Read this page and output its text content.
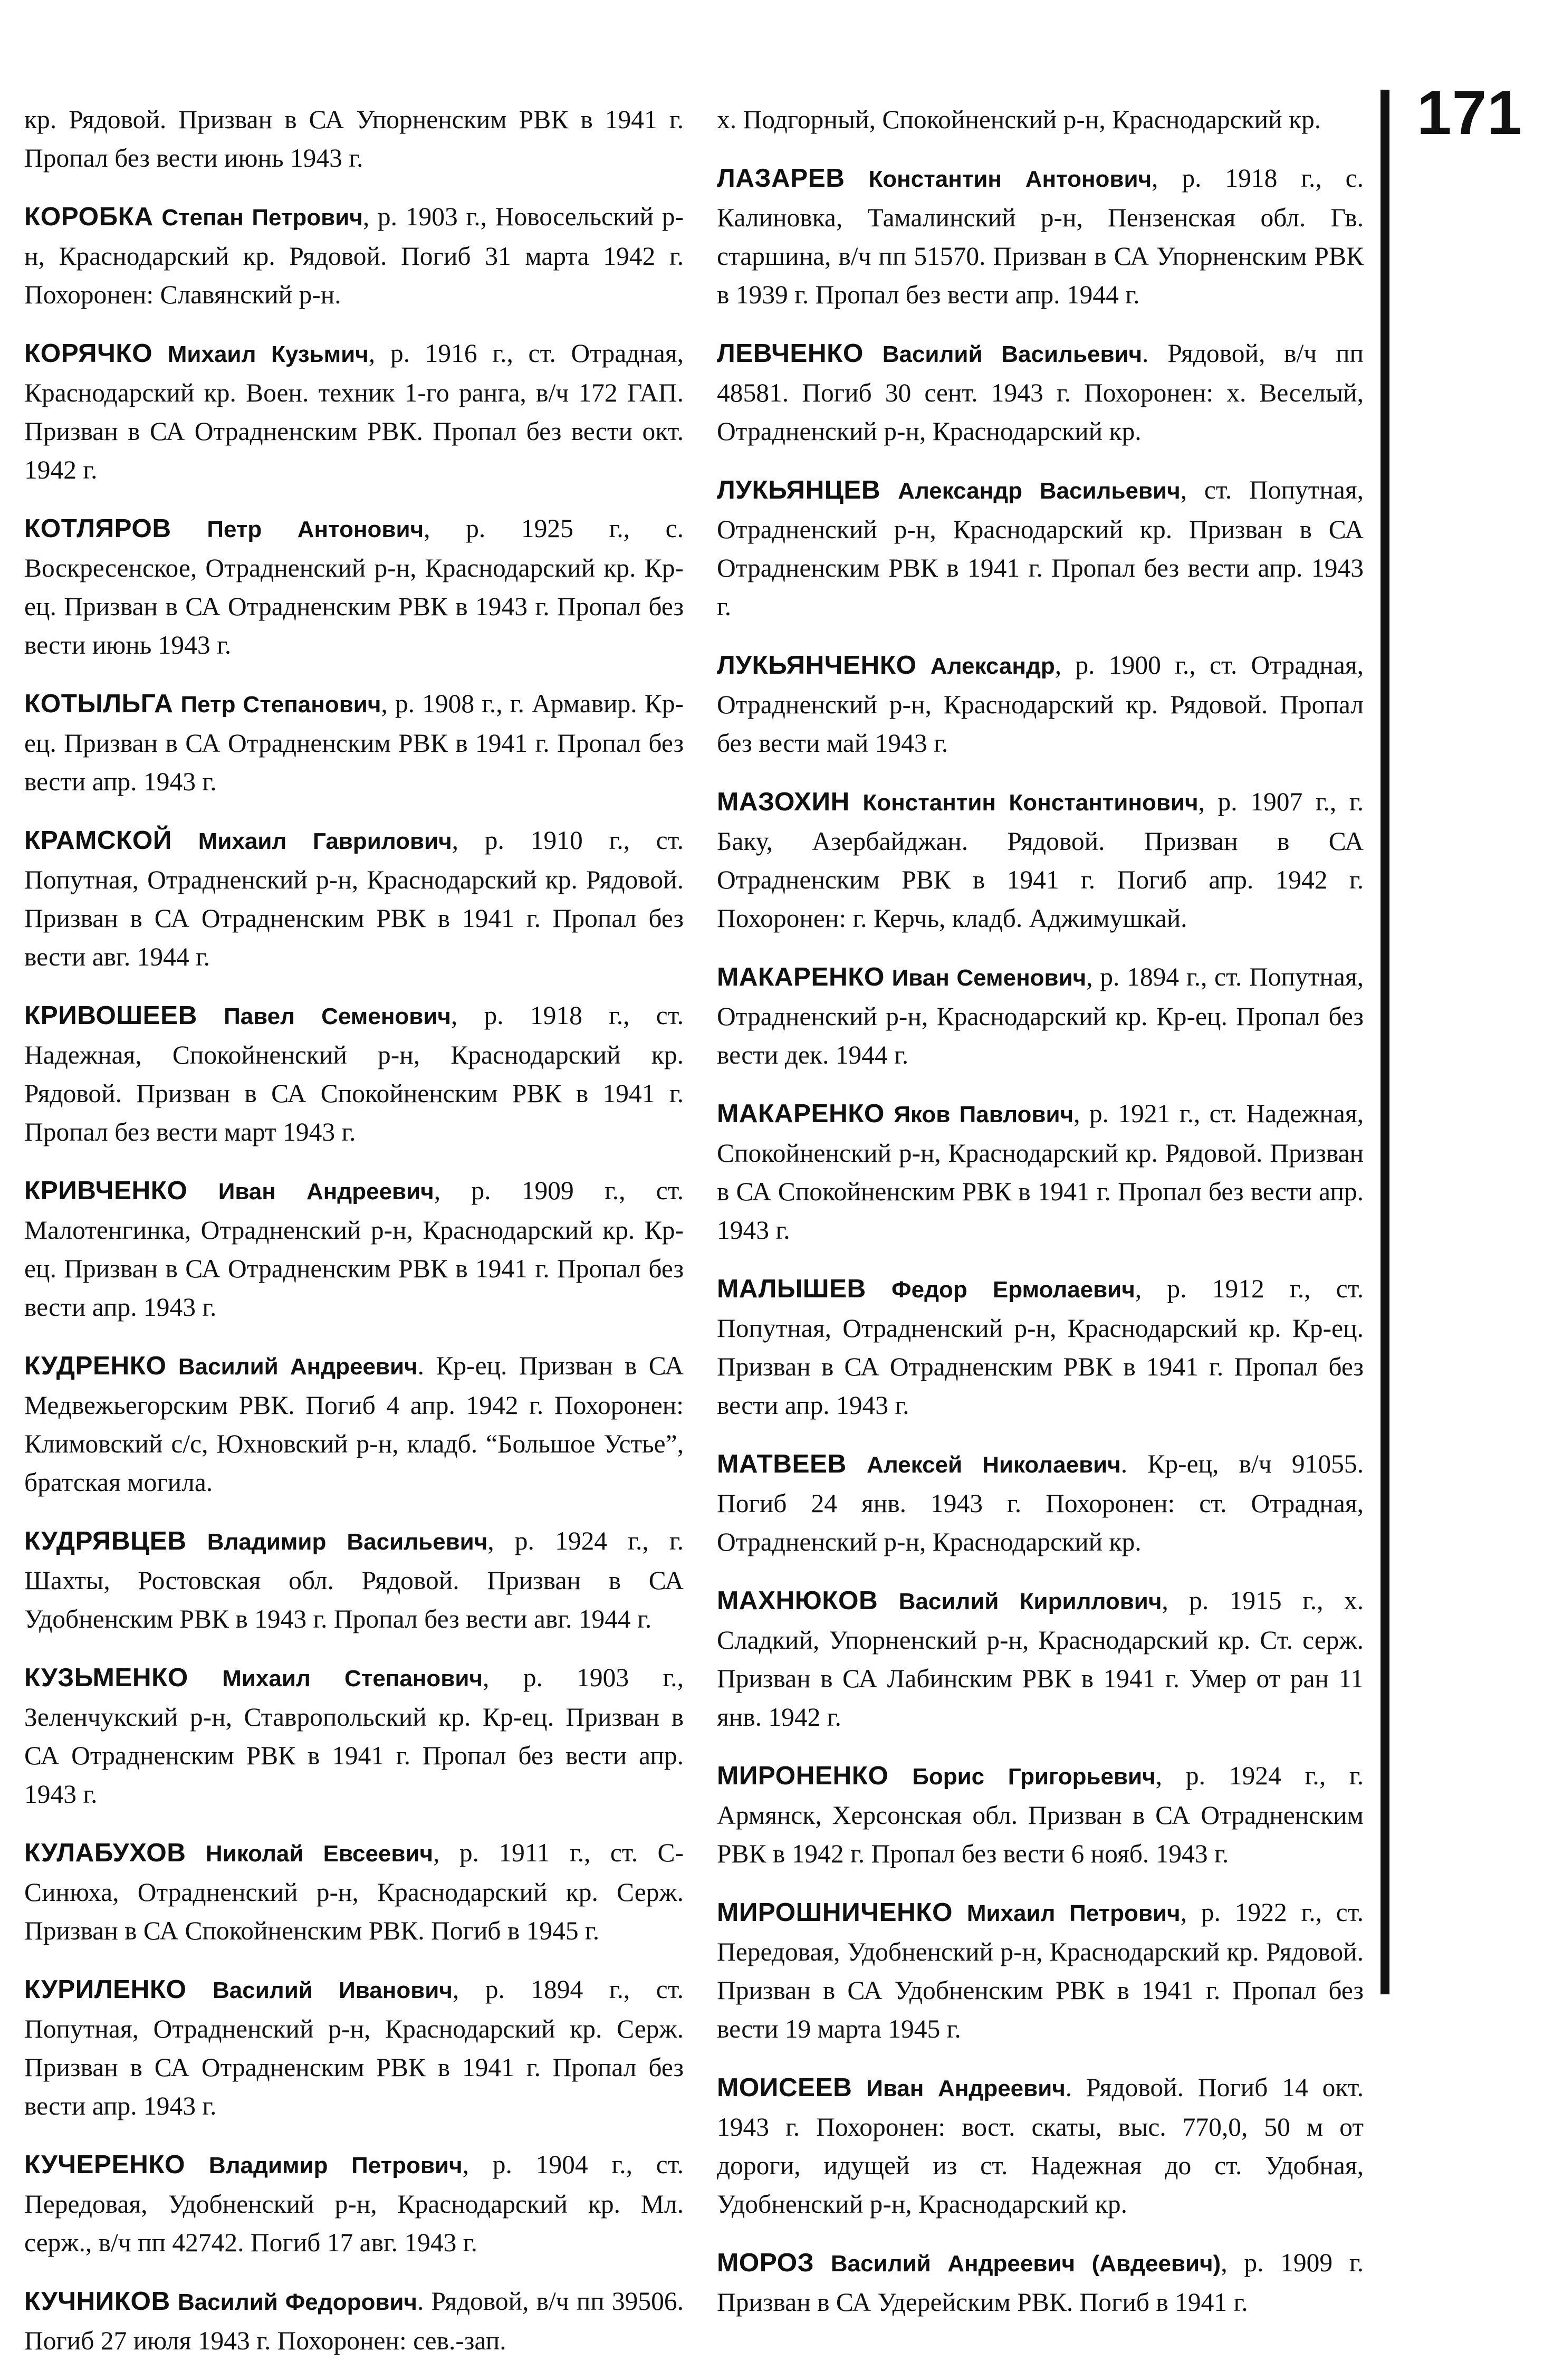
171

кр. Рядовой. Призван в СА Упорненским РВК в 1941 г. Пропал без вести июнь 1943 г.

КОРОБКА Степан Петрович, р. 1903 г., Новосельский р-н, Краснодарский кр. Рядовой. Погиб 31 марта 1942 г. Похоронен: Славянский р-н.

КОРЯЧКО Михаил Кузьмич, р. 1916 г., ст. Отрадная, Краснодарский кр. Воен. техник 1-го ранга, в/ч 172 ГАП. Призван в СА Отрадненским РВК. Пропал без вести окт. 1942 г.

КОТЛЯРОВ Петр Антонович, р. 1925 г., с. Воскресенское, Отрадненский р-н, Краснодарский кр. Кр-ец. Призван в СА Отрадненским РВК в 1943 г. Пропал без вести июнь 1943 г.

КОТЫЛЬГА Петр Степанович, р. 1908 г., г. Армавир. Кр-ец. Призван в СА Отрадненским РВК в 1941 г. Пропал без вести апр. 1943 г.

КРАМСКОЙ Михаил Гаврилович, р. 1910 г., ст. Попутная, Отрадненский р-н, Краснодарский кр. Рядовой. Призван в СА Отрадненским РВК в 1941 г. Пропал без вести авг. 1944 г.

КРИВОШЕЕВ Павел Семенович, р. 1918 г., ст. Надежная, Спокойненский р-н, Краснодарский кр. Рядовой. Призван в СА Спокойненским РВК в 1941 г. Пропал без вести март 1943 г.

КРИВЧЕНКО Иван Андреевич, р. 1909 г., ст. Малотенгинка, Отрадненский р-н, Краснодарский кр. Кр-ец. Призван в СА Отрадненским РВК в 1941 г. Пропал без вести апр. 1943 г.

КУДРЕНКО Василий Андреевич. Кр-ец. Призван в СА Медвежьегорским РВК. Погиб 4 апр. 1942 г. Похоронен: Климовский с/с, Юхновский р-н, кладб. “Большое Устье”, братская могила.

КУДРЯВЦЕВ Владимир Васильевич, р. 1924 г., г. Шахты, Ростовская обл. Рядовой. Призван в СА Удобненским РВК в 1943 г. Пропал без вести авг. 1944 г.

КУЗЬМЕНКО Михаил Степанович, р. 1903 г., Зеленчукский р-н, Ставропольский кр. Кр-ец. Призван в СА Отрадненским РВК в 1941 г. Пропал без вести апр. 1943 г.

КУЛАБУХОВ Николай Евсеевич, р. 1911 г., ст. С-Синюха, Отрадненский р-н, Краснодарский кр. Серж. Призван в СА Спокойненским РВК. Погиб в 1945 г.

КУРИЛЕНКО Василий Иванович, р. 1894 г., ст. Попутная, Отрадненский р-н, Краснодарский кр. Серж. Призван в СА Отрадненским РВК в 1941 г. Пропал без вести апр. 1943 г.

КУЧЕРЕНКО Владимир Петрович, р. 1904 г., ст. Передовая, Удобненский р-н, Краснодарский кр. Мл. серж., в/ч пп 42742. Погиб 17 авг. 1943 г.

КУЧНИКОВ Василий Федорович. Рядовой, в/ч пп 39506. Погиб 27 июля 1943 г. Похоронен: сев.-зап.

х. Подгорный, Спокойненский р-н, Краснодарский кр.

ЛАЗАРЕВ Константин Антонович, р. 1918 г., с. Калиновка, Тамалинский р-н, Пензенская обл. Гв. старшина, в/ч пп 51570. Призван в СА Упорненским РВК в 1939 г. Пропал без вести апр. 1944 г.

ЛЕВЧЕНКО Василий Васильевич. Рядовой, в/ч пп 48581. Погиб 30 сент. 1943 г. Похоронен: х. Веселый, Отрадненский р-н, Краснодарский кр.

ЛУКЬЯНЦЕВ Александр Васильевич, ст. Попутная, Отрадненский р-н, Краснодарский кр. Призван в СА Отрадненским РВК в 1941 г. Пропал без вести апр. 1943 г.

ЛУКЬЯНЧЕНКО Александр, р. 1900 г., ст. Отрадная, Отрадненский р-н, Краснодарский кр. Рядовой. Пропал без вести май 1943 г.

МАЗОХИН Константин Константинович, р. 1907 г., г. Баку, Азербайджан. Рядовой. Призван в СА Отрадненским РВК в 1941 г. Погиб апр. 1942 г. Похоронен: г. Керчь, кладб. Аджимушкай.

МАКАРЕНКО Иван Семенович, р. 1894 г., ст. Попутная, Отрадненский р-н, Краснодарский кр. Кр-ец. Пропал без вести дек. 1944 г.

МАКАРЕНКО Яков Павлович, р. 1921 г., ст. Надежная, Спокойненский р-н, Краснодарский кр. Рядовой. Призван в СА Спокойненским РВК в 1941 г. Пропал без вести апр. 1943 г.

МАЛЫШЕВ Федор Ермолаевич, р. 1912 г., ст. Попутная, Отрадненский р-н, Краснодарский кр. Кр-ец. Призван в СА Отрадненским РВК в 1941 г. Пропал без вести апр. 1943 г.

МАТВЕЕВ Алексей Николаевич. Кр-ец, в/ч 91055. Погиб 24 янв. 1943 г. Похоронен: ст. Отрадная, Отрадненский р-н, Краснодарский кр.

МАХНЮКОВ Василий Кириллович, р. 1915 г., х. Сладкий, Упорненский р-н, Краснодарский кр. Ст. серж. Призван в СА Лабинским РВК в 1941 г. Умер от ран 11 янв. 1942 г.

МИРОНЕНКО Борис Григорьевич, р. 1924 г., г. Армянск, Херсонская обл. Призван в СА Отрадненским РВК в 1942 г. Пропал без вести 6 нояб. 1943 г.

МИРОШНИЧЕНКО Михаил Петрович, р. 1922 г., ст. Передовая, Удобненский р-н, Краснодарский кр. Рядовой. Призван в СА Удобненским РВК в 1941 г. Пропал без вести 19 марта 1945 г.

МОИСЕЕВ Иван Андреевич. Рядовой. Погиб 14 окт. 1943 г. Похоронен: вост. скаты, выс. 770,0, 50 м от дороги, идущей из ст. Надежная до ст. Удобная, Удобненский р-н, Краснодарский кр.

МОРОЗ Василий Андреевич (Авдеевич), р. 1909 г. Призван в СА Удерейским РВК. Погиб в 1941 г.
